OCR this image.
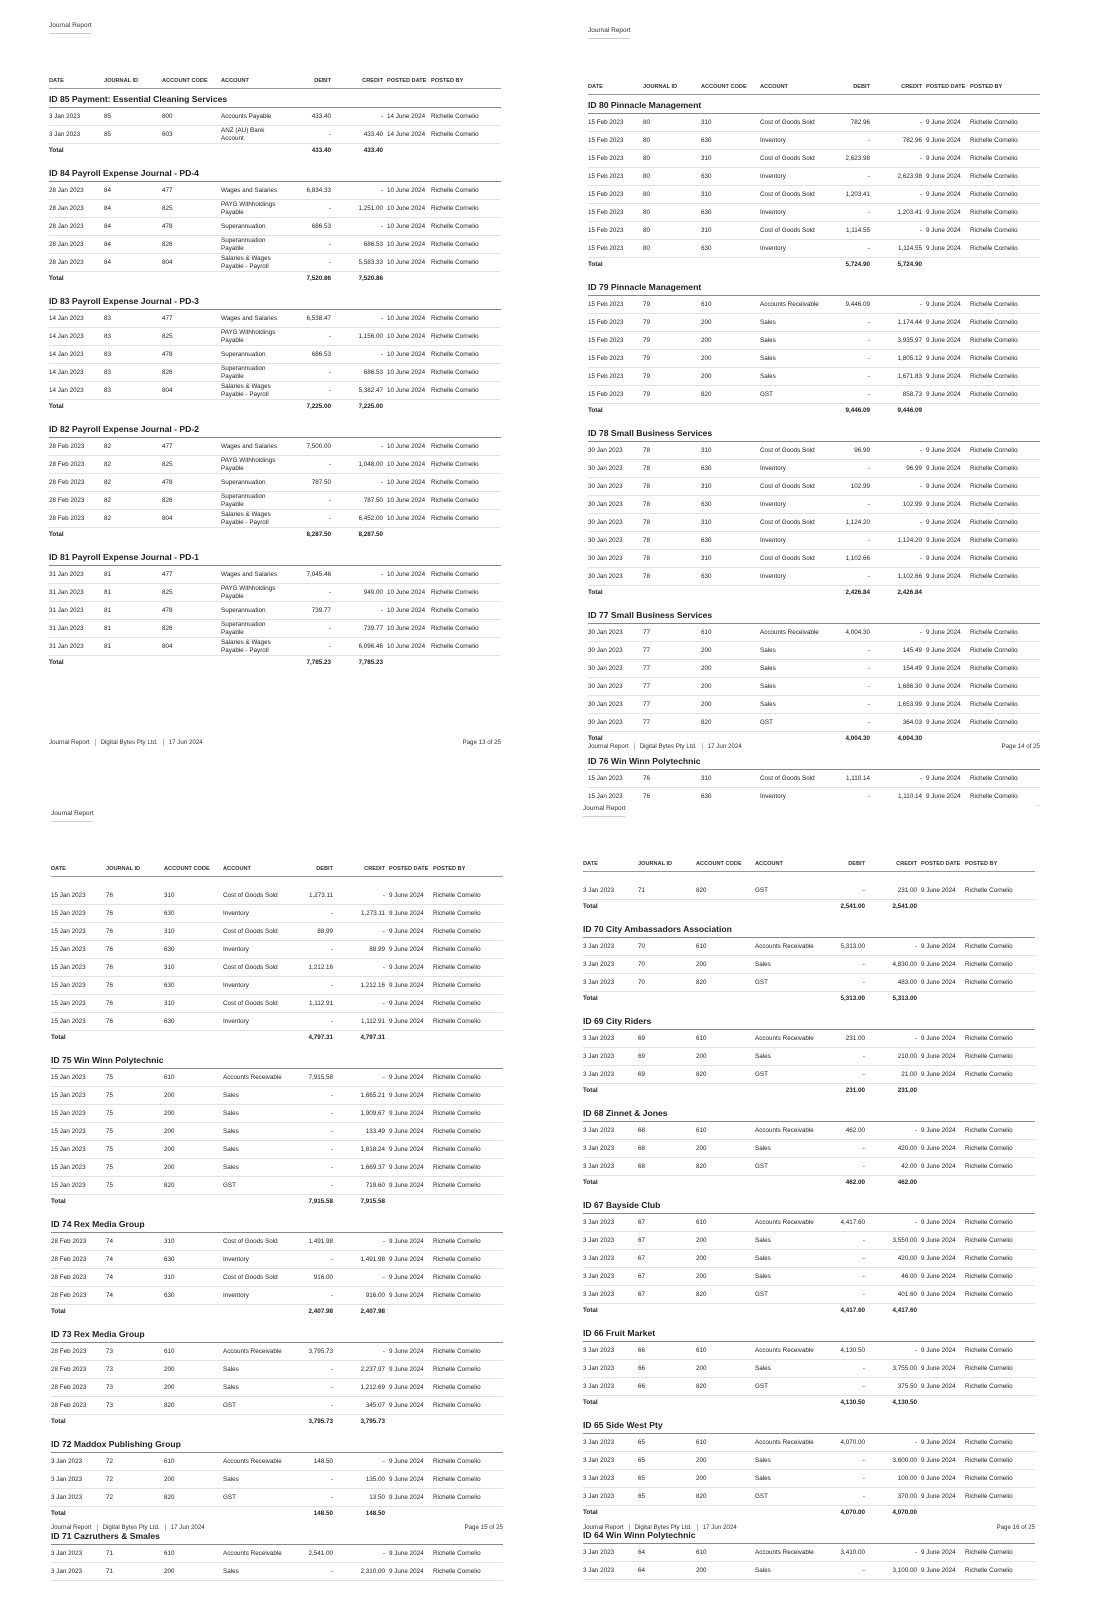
Journal Report
DATE	JOURNAL ID	ACCOUNT CODE	ACCOUNT	DEBIT	CREDIT	POSTED DATE	POSTED BY
ID 85 Payment: Essential Cleaning Services							
3 Jan 2023	85	800	Accounts Payable	433.40	-	14 June 2024	Richelle Cornelio
3 Jan 2023	85	603	ANZ (AU) Bank Account	-	433.40	14 June 2024	Richelle Cornelio
Total				433.40	433.40		

ID 84 Payroll Expense Journal - PD-4							
28 Jan 2023	84	477	Wages and Salaries	6,834.33	-	10 June 2024	Richelle Cornelio
28 Jan 2023	84	825	PAYG Withholdings Payable	-	1,251.00	10 June 2024	Richelle Cornelio
28 Jan 2023	84	478	Superannuation	686.53	-	10 June 2024	Richelle Cornelio
28 Jan 2023	84	826	Superannuation Payable	-	686.53	10 June 2024	Richelle Cornelio
28 Jan 2023	84	804	Salaries & Wages Payable - Payroll	-	5,583.33	10 June 2024	Richelle Cornelio
Total				7,520.86	7,520.86		

ID 83 Payroll Expense Journal - PD-3							
14 Jan 2023	83	477	Wages and Salaries	6,538.47	-	10 June 2024	Richelle Cornelio
14 Jan 2023	83	825	PAYG Withholdings Payable	-	1,156.00	10 June 2024	Richelle Cornelio
14 Jan 2023	83	478	Superannuation	686.53	-	10 June 2024	Richelle Cornelio
14 Jan 2023	83	826	Superannuation Payable	-	686.53	10 June 2024	Richelle Cornelio
14 Jan 2023	83	804	Salaries & Wages Payable - Payroll	-	5,382.47	10 June 2024	Richelle Cornelio
Total				7,225.00	7,225.00		

ID 82 Payroll Expense Journal - PD-2							
28 Feb 2023	82	477	Wages and Salaries	7,500.00	-	10 June 2024	Richelle Cornelio
28 Feb 2023	82	825	PAYG Withholdings Payable	-	1,048.00	10 June 2024	Richelle Cornelio
28 Feb 2023	82	478	Superannuation	787.50	-	10 June 2024	Richelle Cornelio
28 Feb 2023	82	826	Superannuation Payable	-	787.50	10 June 2024	Richelle Cornelio
28 Feb 2023	82	804	Salaries & Wages Payable - Payroll	-	6,452.00	10 June 2024	Richelle Cornelio
Total				8,287.50	8,287.50		

ID 81 Payroll Expense Journal - PD-1							
31 Jan 2023	81	477	Wages and Salaries	7,045.46	-	10 June 2024	Richelle Cornelio
31 Jan 2023	81	825	PAYG Withholdings Payable	-	949.00	10 June 2024	Richelle Cornelio
31 Jan 2023	81	478	Superannuation	739.77	-	10 June 2024	Richelle Cornelio
31 Jan 2023	81	826	Superannuation Payable	-	739.77	10 June 2024	Richelle Cornelio
31 Jan 2023	81	804	Salaries & Wages Payable - Payroll	-	6,096.46	10 June 2024	Richelle Cornelio
Total				7,785.23	7,785.23		
Journal Report Digital Bytes Pty Ltd. 17 Jun 2024	Page 13 of 25
Journal Report
DATE	JOURNAL ID	ACCOUNT CODE	ACCOUNT	DEBIT	CREDIT	POSTED DATE	POSTED BY
ID 80 Pinnacle Management							
15 Feb 2023	80	310	Cost of Goods Sold	782.96	-	9 June 2024	Richelle Cornelio
15 Feb 2023	80	630	Inventory	-	782.96	9 June 2024	Richelle Cornelio
15 Feb 2023	80	310	Cost of Goods Sold	2,623.98	-	9 June 2024	Richelle Cornelio
15 Feb 2023	80	630	Inventory	-	2,623.98	9 June 2024	Richelle Cornelio
15 Feb 2023	80	310	Cost of Goods Sold	1,203.41	-	9 June 2024	Richelle Cornelio
15 Feb 2023	80	630	Inventory	-	1,203.41	9 June 2024	Richelle Cornelio
15 Feb 2023	80	310	Cost of Goods Sold	1,114.55	-	9 June 2024	Richelle Cornelio
15 Feb 2023	80	630	Inventory	-	1,114.55	9 June 2024	Richelle Cornelio
Total				5,724.90	5,724.90		

ID 79 Pinnacle Management							
15 Feb 2023	79	610	Accounts Receivable	9,446.09	-	9 June 2024	Richelle Cornelio
15 Feb 2023	79	200	Sales	-	1,174.44	9 June 2024	Richelle Cornelio
15 Feb 2023	79	200	Sales	-	3,935.97	9 June 2024	Richelle Cornelio
15 Feb 2023	79	200	Sales	-	1,805.12	9 June 2024	Richelle Cornelio
15 Feb 2023	79	200	Sales	-	1,671.83	9 June 2024	Richelle Cornelio
15 Feb 2023	79	820	GST	-	858.73	9 June 2024	Richelle Cornelio
Total				9,446.09	9,446.09		

ID 78 Small Business Services							
30 Jan 2023	78	310	Cost of Goods Sold	96.99	-	9 June 2024	Richelle Cornelio
30 Jan 2023	78	630	Inventory	-	96.99	9 June 2024	Richelle Cornelio
30 Jan 2023	78	310	Cost of Goods Sold	102.99	-	9 June 2024	Richelle Cornelio
30 Jan 2023	78	630	Inventory	-	102.99	9 June 2024	Richelle Cornelio
30 Jan 2023	78	310	Cost of Goods Sold	1,124.20	-	9 June 2024	Richelle Cornelio
30 Jan 2023	78	630	Inventory	-	1,124.20	9 June 2024	Richelle Cornelio
30 Jan 2023	78	310	Cost of Goods Sold	1,102.66	-	9 June 2024	Richelle Cornelio
30 Jan 2023	78	630	Inventory	-	1,102.66	9 June 2024	Richelle Cornelio
Total				2,426.84	2,426.84		

ID 77 Small Business Services							
30 Jan 2023	77	610	Accounts Receivable	4,004.30	-	9 June 2024	Richelle Cornelio
30 Jan 2023	77	200	Sales	-	145.49	9 June 2024	Richelle Cornelio
30 Jan 2023	77	200	Sales	-	154.49	9 June 2024	Richelle Cornelio
30 Jan 2023	77	200	Sales	-	1,686.30	9 June 2024	Richelle Cornelio
30 Jan 2023	77	200	Sales	-	1,653.99	9 June 2024	Richelle Cornelio
30 Jan 2023	77	820	GST	-	364.03	9 June 2024	Richelle Cornelio
Total				4,004.30	4,004.30		

ID 76 Win Winn Polytechnic							
15 Jan 2023	76	310	Cost of Goods Sold	1,110.14	-	9 June 2024	Richelle Cornelio
15 Jan 2023	76	630	Inventory	-	1,110.14	9 June 2024	Richelle Cornelio
Journal Report Digital Bytes Pty Ltd. 17 Jun 2024	Page 14 of 25
Journal Report
DATE	JOURNAL ID	ACCOUNT CODE	ACCOUNT	DEBIT	CREDIT	POSTED DATE	POSTED BY

15 Jan 2023	76	310	Cost of Goods Sold	1,273.11	-	9 June 2024	Richelle Cornelio
15 Jan 2023	76	630	Inventory	-	1,273.11	9 June 2024	Richelle Cornelio
15 Jan 2023	76	310	Cost of Goods Sold	88.99	-	9 June 2024	Richelle Cornelio
15 Jan 2023	76	630	Inventory	-	88.99	9 June 2024	Richelle Cornelio
15 Jan 2023	76	310	Cost of Goods Sold	1,212.16	-	9 June 2024	Richelle Cornelio
15 Jan 2023	76	630	Inventory	-	1,212.16	9 June 2024	Richelle Cornelio
15 Jan 2023	76	310	Cost of Goods Sold	1,112.91	-	9 June 2024	Richelle Cornelio
15 Jan 2023	76	630	Inventory	-	1,112.91	9 June 2024	Richelle Cornelio
Total				4,797.31	4,797.31		

ID 75 Win Winn Polytechnic							
15 Jan 2023	75	610	Accounts Receivable	7,915.58	-	9 June 2024	Richelle Cornelio
15 Jan 2023	75	200	Sales	-	1,665.21	9 June 2024	Richelle Cornelio
15 Jan 2023	75	200	Sales	-	1,909.67	9 June 2024	Richelle Cornelio
15 Jan 2023	75	200	Sales	-	133.49	9 June 2024	Richelle Cornelio
15 Jan 2023	75	200	Sales	-	1,818.24	9 June 2024	Richelle Cornelio
15 Jan 2023	75	200	Sales	-	1,669.37	9 June 2024	Richelle Cornelio
15 Jan 2023	75	820	GST	-	719.60	9 June 2024	Richelle Cornelio
Total				7,915.58	7,915.58		

ID 74 Rex Media Group							
28 Feb 2023	74	310	Cost of Goods Sold	1,491.98	-	9 June 2024	Richelle Cornelio
28 Feb 2023	74	630	Inventory	-	1,491.98	9 June 2024	Richelle Cornelio
28 Feb 2023	74	310	Cost of Goods Sold	916.00	-	9 June 2024	Richelle Cornelio
28 Feb 2023	74	630	Inventory	-	916.00	9 June 2024	Richelle Cornelio
Total				2,407.98	2,407.98		

ID 73 Rex Media Group							
28 Feb 2023	73	610	Accounts Receivable	3,795.73	-	9 June 2024	Richelle Cornelio
28 Feb 2023	73	200	Sales	-	2,237.97	9 June 2024	Richelle Cornelio
28 Feb 2023	73	200	Sales	-	1,212.69	9 June 2024	Richelle Cornelio
28 Feb 2023	73	820	GST	-	345.07	9 June 2024	Richelle Cornelio
Total				3,795.73	3,795.73		

ID 72 Maddox Publishing Group							
3 Jan 2023	72	610	Accounts Receivable	148.50	-	9 June 2024	Richelle Cornelio
3 Jan 2023	72	200	Sales	-	135.00	9 June 2024	Richelle Cornelio
3 Jan 2023	72	820	GST	-	13.50	9 June 2024	Richelle Cornelio
Total				148.50	148.50		

ID 71 Cazruthers & Smales							
3 Jan 2023	71	610	Accounts Receivable	2,541.00	-	9 June 2024	Richelle Cornelio
3 Jan 2023	71	200	Sales	-	2,310.00	9 June 2024	Richelle Cornelio
Journal Report Digital Bytes Pty Ltd. 17 Jun 2024	Page 15 of 25
Journal Report
DATE	JOURNAL ID	ACCOUNT CODE	ACCOUNT	DEBIT	CREDIT	POSTED DATE	POSTED BY

3 Jan 2023	71	820	GST	-	231.00	9 June 2024	Richelle Cornelio
Total				2,541.00	2,541.00		

ID 70 City Ambassadors Association							
3 Jan 2023	70	610	Accounts Receivable	5,313.00	-	9 June 2024	Richelle Cornelio
3 Jan 2023	70	200	Sales	-	4,830.00	9 June 2024	Richelle Cornelio
3 Jan 2023	70	820	GST	-	483.00	9 June 2024	Richelle Cornelio
Total				5,313.00	5,313.00		

ID 69 City Riders							
3 Jan 2023	69	610	Accounts Receivable	231.00	-	9 June 2024	Richelle Cornelio
3 Jan 2023	69	200	Sales	-	210.00	9 June 2024	Richelle Cornelio
3 Jan 2023	69	820	GST	-	21.00	9 June 2024	Richelle Cornelio
Total				231.00	231.00		

ID 68 Zinnet & Jones							
3 Jan 2023	68	610	Accounts Receivable	462.00	-	9 June 2024	Richelle Cornelio
3 Jan 2023	68	200	Sales	-	420.00	9 June 2024	Richelle Cornelio
3 Jan 2023	68	820	GST	-	42.00	9 June 2024	Richelle Cornelio
Total				462.00	462.00		

ID 67 Bayside Club							
3 Jan 2023	67	610	Accounts Receivable	4,417.60	-	9 June 2024	Richelle Cornelio
3 Jan 2023	67	200	Sales	-	3,550.00	9 June 2024	Richelle Cornelio
3 Jan 2023	67	200	Sales	-	420.00	9 June 2024	Richelle Cornelio
3 Jan 2023	67	200	Sales	-	46.00	9 June 2024	Richelle Cornelio
3 Jan 2023	67	820	GST	-	401.60	9 June 2024	Richelle Cornelio
Total				4,417.60	4,417.60		

ID 66 Fruit Market							
3 Jan 2023	66	610	Accounts Receivable	4,130.50	-	9 June 2024	Richelle Cornelio
3 Jan 2023	66	200	Sales	-	3,755.00	9 June 2024	Richelle Cornelio
3 Jan 2023	66	820	GST	-	375.50	9 June 2024	Richelle Cornelio
Total				4,130.50	4,130.50		

ID 65 Side West Pty							
3 Jan 2023	65	610	Accounts Receivable	4,070.00	-	9 June 2024	Richelle Cornelio
3 Jan 2023	65	200	Sales	-	3,600.00	9 June 2024	Richelle Cornelio
3 Jan 2023	65	200	Sales	-	100.00	9 June 2024	Richelle Cornelio
3 Jan 2023	65	820	GST	-	370.00	9 June 2024	Richelle Cornelio
Total				4,070.00	4,070.00		

ID 64 Win Winn Polytechnic							
3 Jan 2023	64	610	Accounts Receivable	3,410.00	-	9 June 2024	Richelle Cornelio
3 Jan 2023	64	200	Sales	-	3,100.00	9 June 2024	Richelle Cornelio
Journal Report Digital Bytes Pty Ltd. 17 Jun 2024	Page 16 of 25
